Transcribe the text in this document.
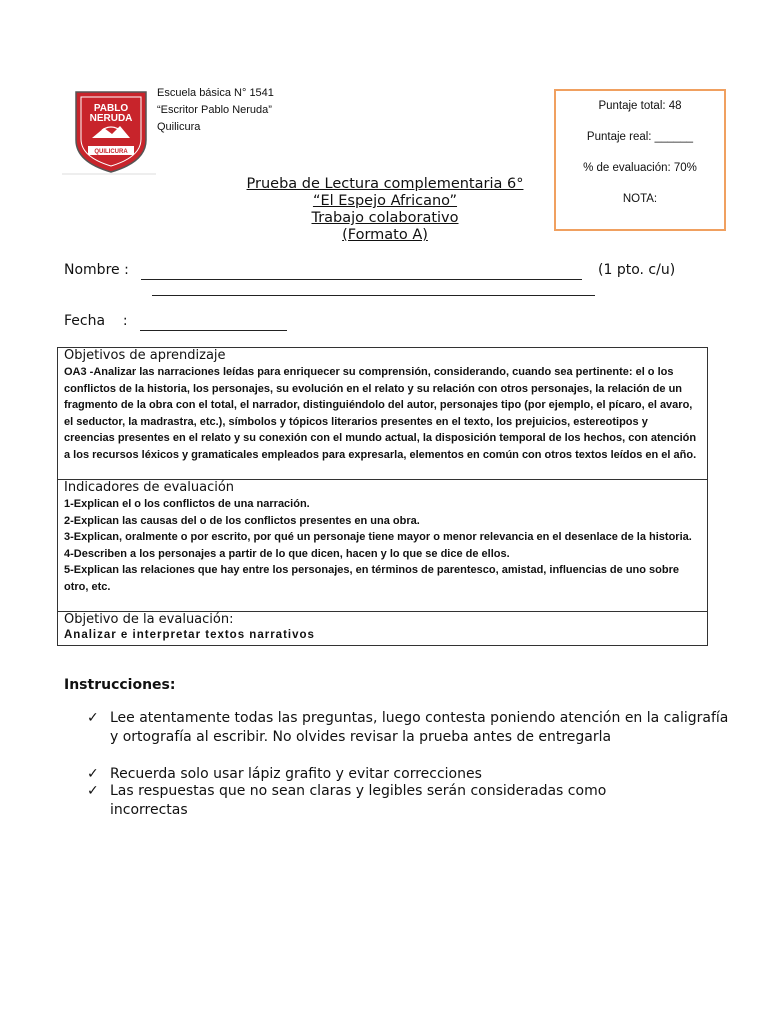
PABLO
NERUDA
QUILICURA
Escuela básica N° 1541
“Escritor Pablo Neruda”
Quilicura
Puntaje total: 48
Puntaje real: ______
% de evaluación: 70%
NOTA:
Prueba de Lectura complementaria 6°
“El Espejo Africano”
Trabajo colaborativo
(Formato A)
Nombre :	(1 pto. c/u)
Fecha    :
Objetivos de aprendizaje
OA3 -Analizar las narraciones leídas para enriquecer su comprensión, considerando, cuando sea pertinente: el o los conflictos de la historia, los personajes, su evolución en el relato y su relación con otros personajes, la relación de un fragmento de la obra con el total, el narrador, distinguiéndolo del autor, personajes tipo (por ejemplo, el pícaro, el avaro, el seductor, la madrastra, etc.), símbolos y tópicos literarios presentes en el texto, los prejuicios, estereotipos y creencias presentes en el relato y su conexión con el mundo actual, la disposición temporal de los hechos, con atención a los recursos léxicos y gramaticales empleados para expresarla, elementos en común con otros textos leídos en el año.
Indicadores de evaluación
1-Explican el o los conflictos de una narración.
2-Explican las causas del o de los conflictos presentes en una obra.
3-Explican, oralmente o por escrito, por qué un personaje tiene mayor o menor relevancia en el desenlace de la historia.
4-Describen a los personajes a partir de lo que dicen, hacen y lo que se dice de ellos.
5-Explican las relaciones que hay entre los personajes, en términos de parentesco, amistad, influencias de uno sobre otro, etc.
Objetivo de la evaluación:
Analizar e interpretar textos narrativos
Instrucciones:
✓ Lee atentamente todas las preguntas, luego contesta poniendo atención en la caligrafía y ortografía al escribir. No olvides revisar la prueba antes de entregarla
✓ Recuerda solo usar lápiz grafito y evitar correcciones
✓ Las respuestas que no sean claras y legibles serán consideradas como incorrectas
